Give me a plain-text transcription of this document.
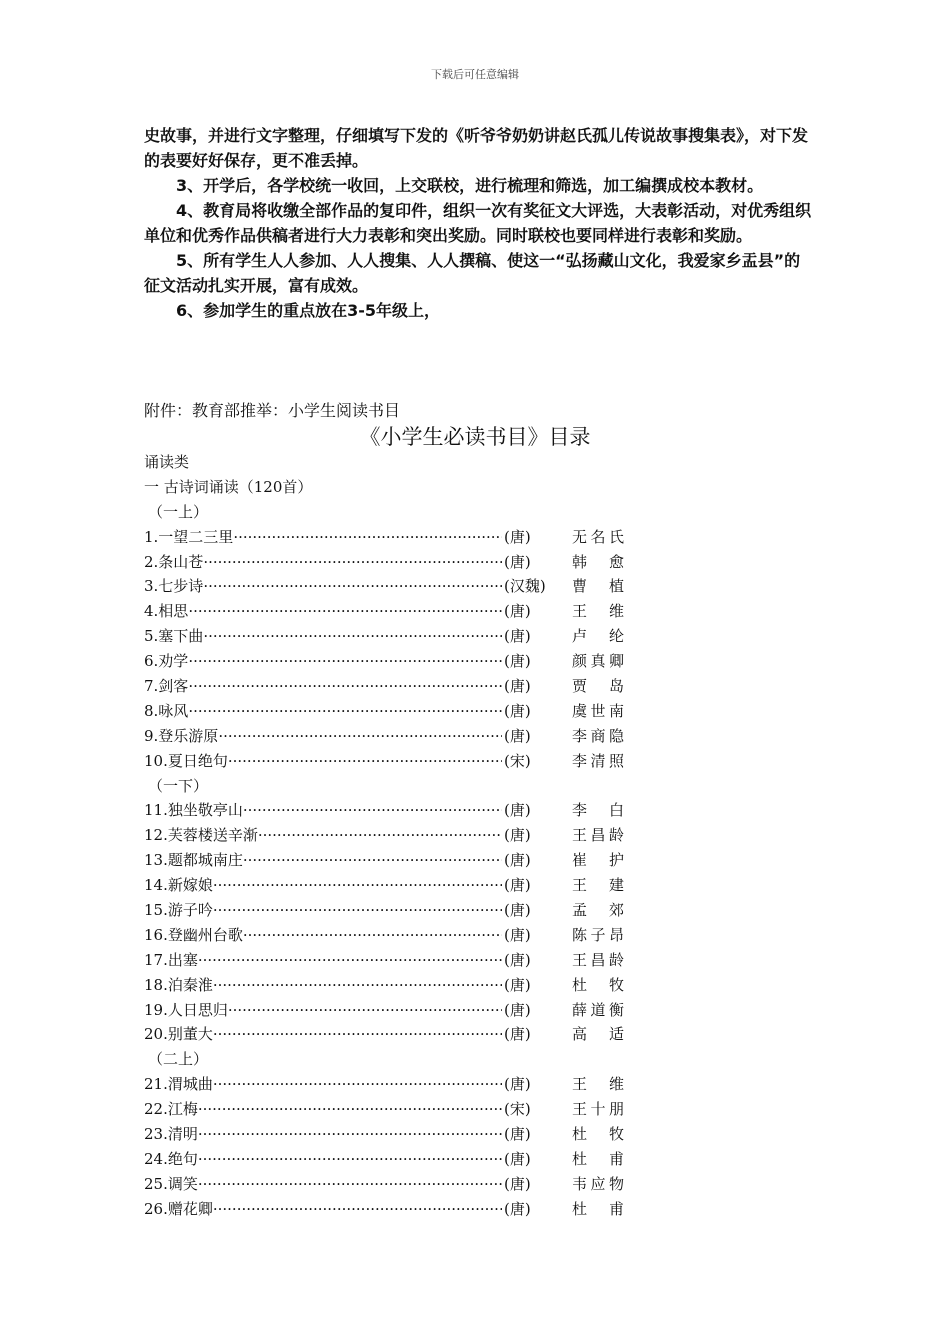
下载后可任意编辑

史故事，并进行文字整理，仔细填写下发的《听爷爷奶奶讲赵氏孤儿传说故事搜集表》，对下发的表要好好保存，更不准丢掉。

3、开学后，各学校统一收回，上交联校，进行梳理和筛选，加工编撰成校本教材。

4、教育局将收缴全部作品的复印件，组织一次有奖征文大评选，大表彰活动，对优秀组织单位和优秀作品供稿者进行大力表彰和突出奖励。同时联校也要同样进行表彰和奖励。

5、所有学生人人参加、人人搜集、人人撰稿、使这一“弘扬藏山文化，我爱家乡盂县”的征文活动扎实开展，富有成效。

6、参加学生的重点放在3-5年级上，

附件：教育部推举：小学生阅读书目
《小学生必读书目》目录
诵读类
一 古诗词诵读（120首）
（一上）
1.一望二三里 ·····	(唐)	无名氏
2.条山苍 ·····	(唐)	韩 愈
3.七步诗 ·····	(汉魏) 曹 植
4.相思 ·····	(唐)	王 维
5.塞下曲 ·····	(唐)	卢 纶
6.劝学 ·····	(唐)	颜真卿
7.剑客 ·····	(唐)	贾 岛
8.咏风 ·····	(唐)	虞世南
9.登乐游原 ·····	(唐)	李商隐
10.夏日绝句 ·····	(宋)	李清照
（一下）
11.独坐敬亭山 ·····	(唐)	李 白
12.芙蓉楼送辛渐 ·····	(唐)	王昌龄
13.题都城南庄 ·····	(唐)	崔 护
14.新嫁娘 ·····	(唐)	王 建
15.游子吟 ·····	(唐)	孟 郊
16.登幽州台歌 ·····	(唐)	陈子昂
17.出塞 ·····	(唐)	王昌龄
18.泊秦淮 ·····	(唐)	杜 牧
19.人日思归 ·····	(唐)	薛道衡
20.别董大 ·····	(唐)	高 适
（二上）
21.渭城曲 ·····	(唐)	王 维
22.江梅 ·····	(宋)	王十朋
23.清明 ·····	(唐)	杜 牧
24.绝句 ·····	(唐)	杜 甫
25.调笑 ·····	(唐)	韦应物
26.赠花卿 ·····	(唐)	杜 甫
